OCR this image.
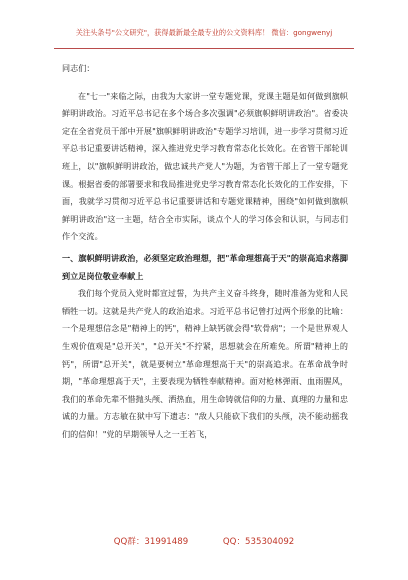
关注头条号"公文研究"，获得最新最全最专业的公文资料库！ 微信：gongwenyj

同志们：

在"七一"来临之际，由我为大家讲一堂专题党课，党课主题是如何做到旗帜鲜明讲政治。习近平总书记在多个场合多次强调"必须旗帜鲜明讲政治"。省委决定在全省党员干部中开展"旗帜鲜明讲政治"专题学习培训，进一步学习贯彻习近平总书记重要讲话精神，深入推进党史学习教育常态化长效化。在省管干部轮训班上，以"旗帜鲜明讲政治，做忠诚共产党人"为题，为省管干部上了一堂专题党课。根据省委的部署要求和我局推进党史学习教育常态化长效化的工作安排，下面，我就学习贯彻习近平总书记重要讲话和专题党课精神，围绕"如何做到旗帜鲜明讲政治"这一主题，结合全市实际，谈点个人的学习体会和认识，与同志们作个交流。

一、旗帜鲜明讲政治，必须坚定政治理想，把"革命理想高于天"的崇高追求落脚到立足岗位敬业奉献上

我们每个党员入党时都宣过誓，为共产主义奋斗终身，随时准备为党和人民牺牲一切。这就是共产党人的政治追求。习近平总书记曾打过两个形象的比喻：一个是理想信念是"精神上的钙"，精神上缺钙就会得"软骨病"；一个是世界观人生观价值观是"总开关"，"总开关"不拧紧，思想就会在所难免。所谓"精神上的钙"，所谓"总开关"，就是要树立"革命理想高于天"的崇高追求。在革命战争时期，"革命理想高于天"，主要表现为牺牲奉献精神。面对枪林弹雨、血雨腥风，我们的革命先辈不惜抛头颅、洒热血，用生命铸就信仰的力量、真理的力量和忠诚的力量。方志敏在狱中写下遗志："敌人只能砍下我们的头颅，决不能动摇我们的信仰！"党的早期领导人之一王若飞，

QQ群：31991489	QQ：535304092
